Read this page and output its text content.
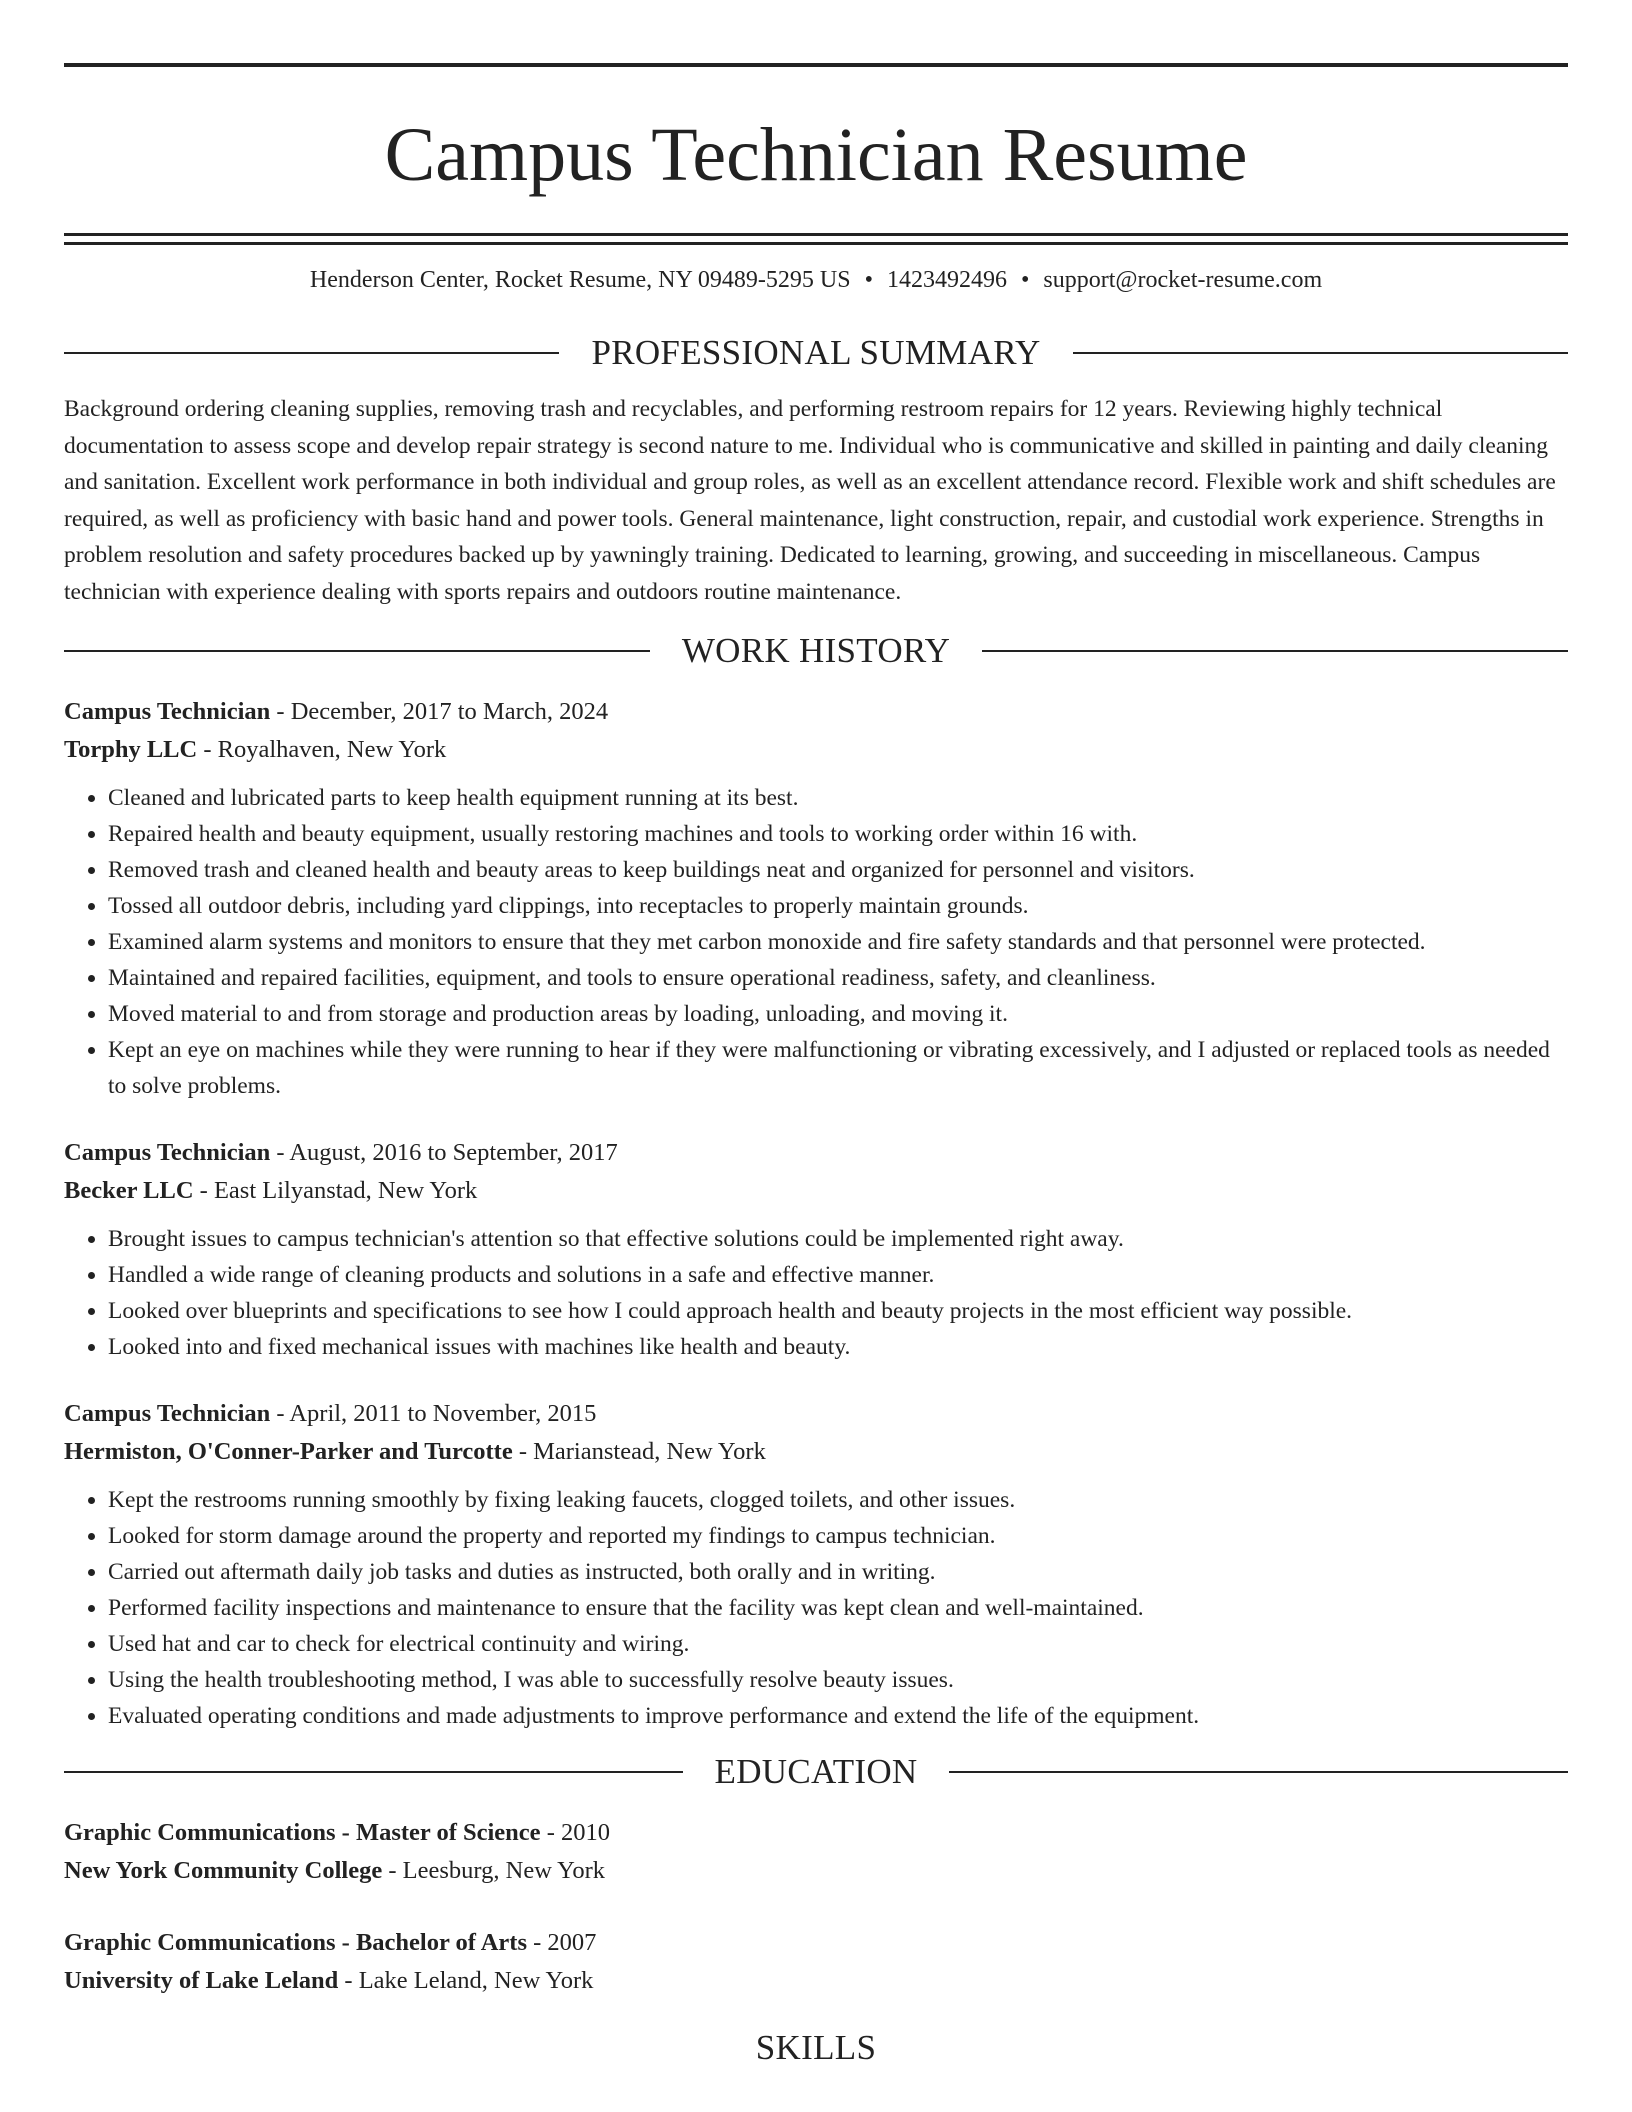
Campus Technician Resume
Henderson Center, Rocket Resume, NY 09489-5295 US • 1423492496 • support@rocket-resume.com
PROFESSIONAL SUMMARY

Background ordering cleaning supplies, removing trash and recyclables, and performing restroom repairs for 12 years. Reviewing highly technical documentation to assess scope and develop repair strategy is second nature to me. Individual who is communicative and skilled in painting and daily cleaning and sanitation. Excellent work performance in both individual and group roles, as well as an excellent attendance record. Flexible work and shift schedules are required, as well as proficiency with basic hand and power tools. General maintenance, light construction, repair, and custodial work experience. Strengths in problem resolution and safety procedures backed up by yawningly training. Dedicated to learning, growing, and succeeding in miscellaneous. Campus technician with experience dealing with sports repairs and outdoors routine maintenance.

WORK HISTORY

Campus Technician - December, 2017 to March, 2024

Torphy LLC - Royalhaven, New York

• Cleaned and lubricated parts to keep health equipment running at its best.
• Repaired health and beauty equipment, usually restoring machines and tools to working order within 16 with.
• Removed trash and cleaned health and beauty areas to keep buildings neat and organized for personnel and visitors.
• Tossed all outdoor debris, including yard clippings, into receptacles to properly maintain grounds.
• Examined alarm systems and monitors to ensure that they met carbon monoxide and fire safety standards and that personnel were protected.
• Maintained and repaired facilities, equipment, and tools to ensure operational readiness, safety, and cleanliness.
• Moved material to and from storage and production areas by loading, unloading, and moving it.
• Kept an eye on machines while they were running to hear if they were malfunctioning or vibrating excessively, and I adjusted or replaced tools as needed to solve problems.

Campus Technician - August, 2016 to September, 2017

Becker LLC - East Lilyanstad, New York

• Brought issues to campus technician's attention so that effective solutions could be implemented right away.
• Handled a wide range of cleaning products and solutions in a safe and effective manner.
• Looked over blueprints and specifications to see how I could approach health and beauty projects in the most efficient way possible.
• Looked into and fixed mechanical issues with machines like health and beauty.

Campus Technician - April, 2011 to November, 2015

Hermiston, O'Conner-Parker and Turcotte - Marianstead, New York

• Kept the restrooms running smoothly by fixing leaking faucets, clogged toilets, and other issues.
• Looked for storm damage around the property and reported my findings to campus technician.
• Carried out aftermath daily job tasks and duties as instructed, both orally and in writing.
• Performed facility inspections and maintenance to ensure that the facility was kept clean and well-maintained.
• Used hat and car to check for electrical continuity and wiring.
• Using the health troubleshooting method, I was able to successfully resolve beauty issues.
• Evaluated operating conditions and made adjustments to improve performance and extend the life of the equipment.
EDUCATION

Graphic Communications - Master of Science - 2010

New York Community College - Leesburg, New York

Graphic Communications - Bachelor of Arts - 2007

University of Lake Leland - Lake Leland, New York

SKILLS
